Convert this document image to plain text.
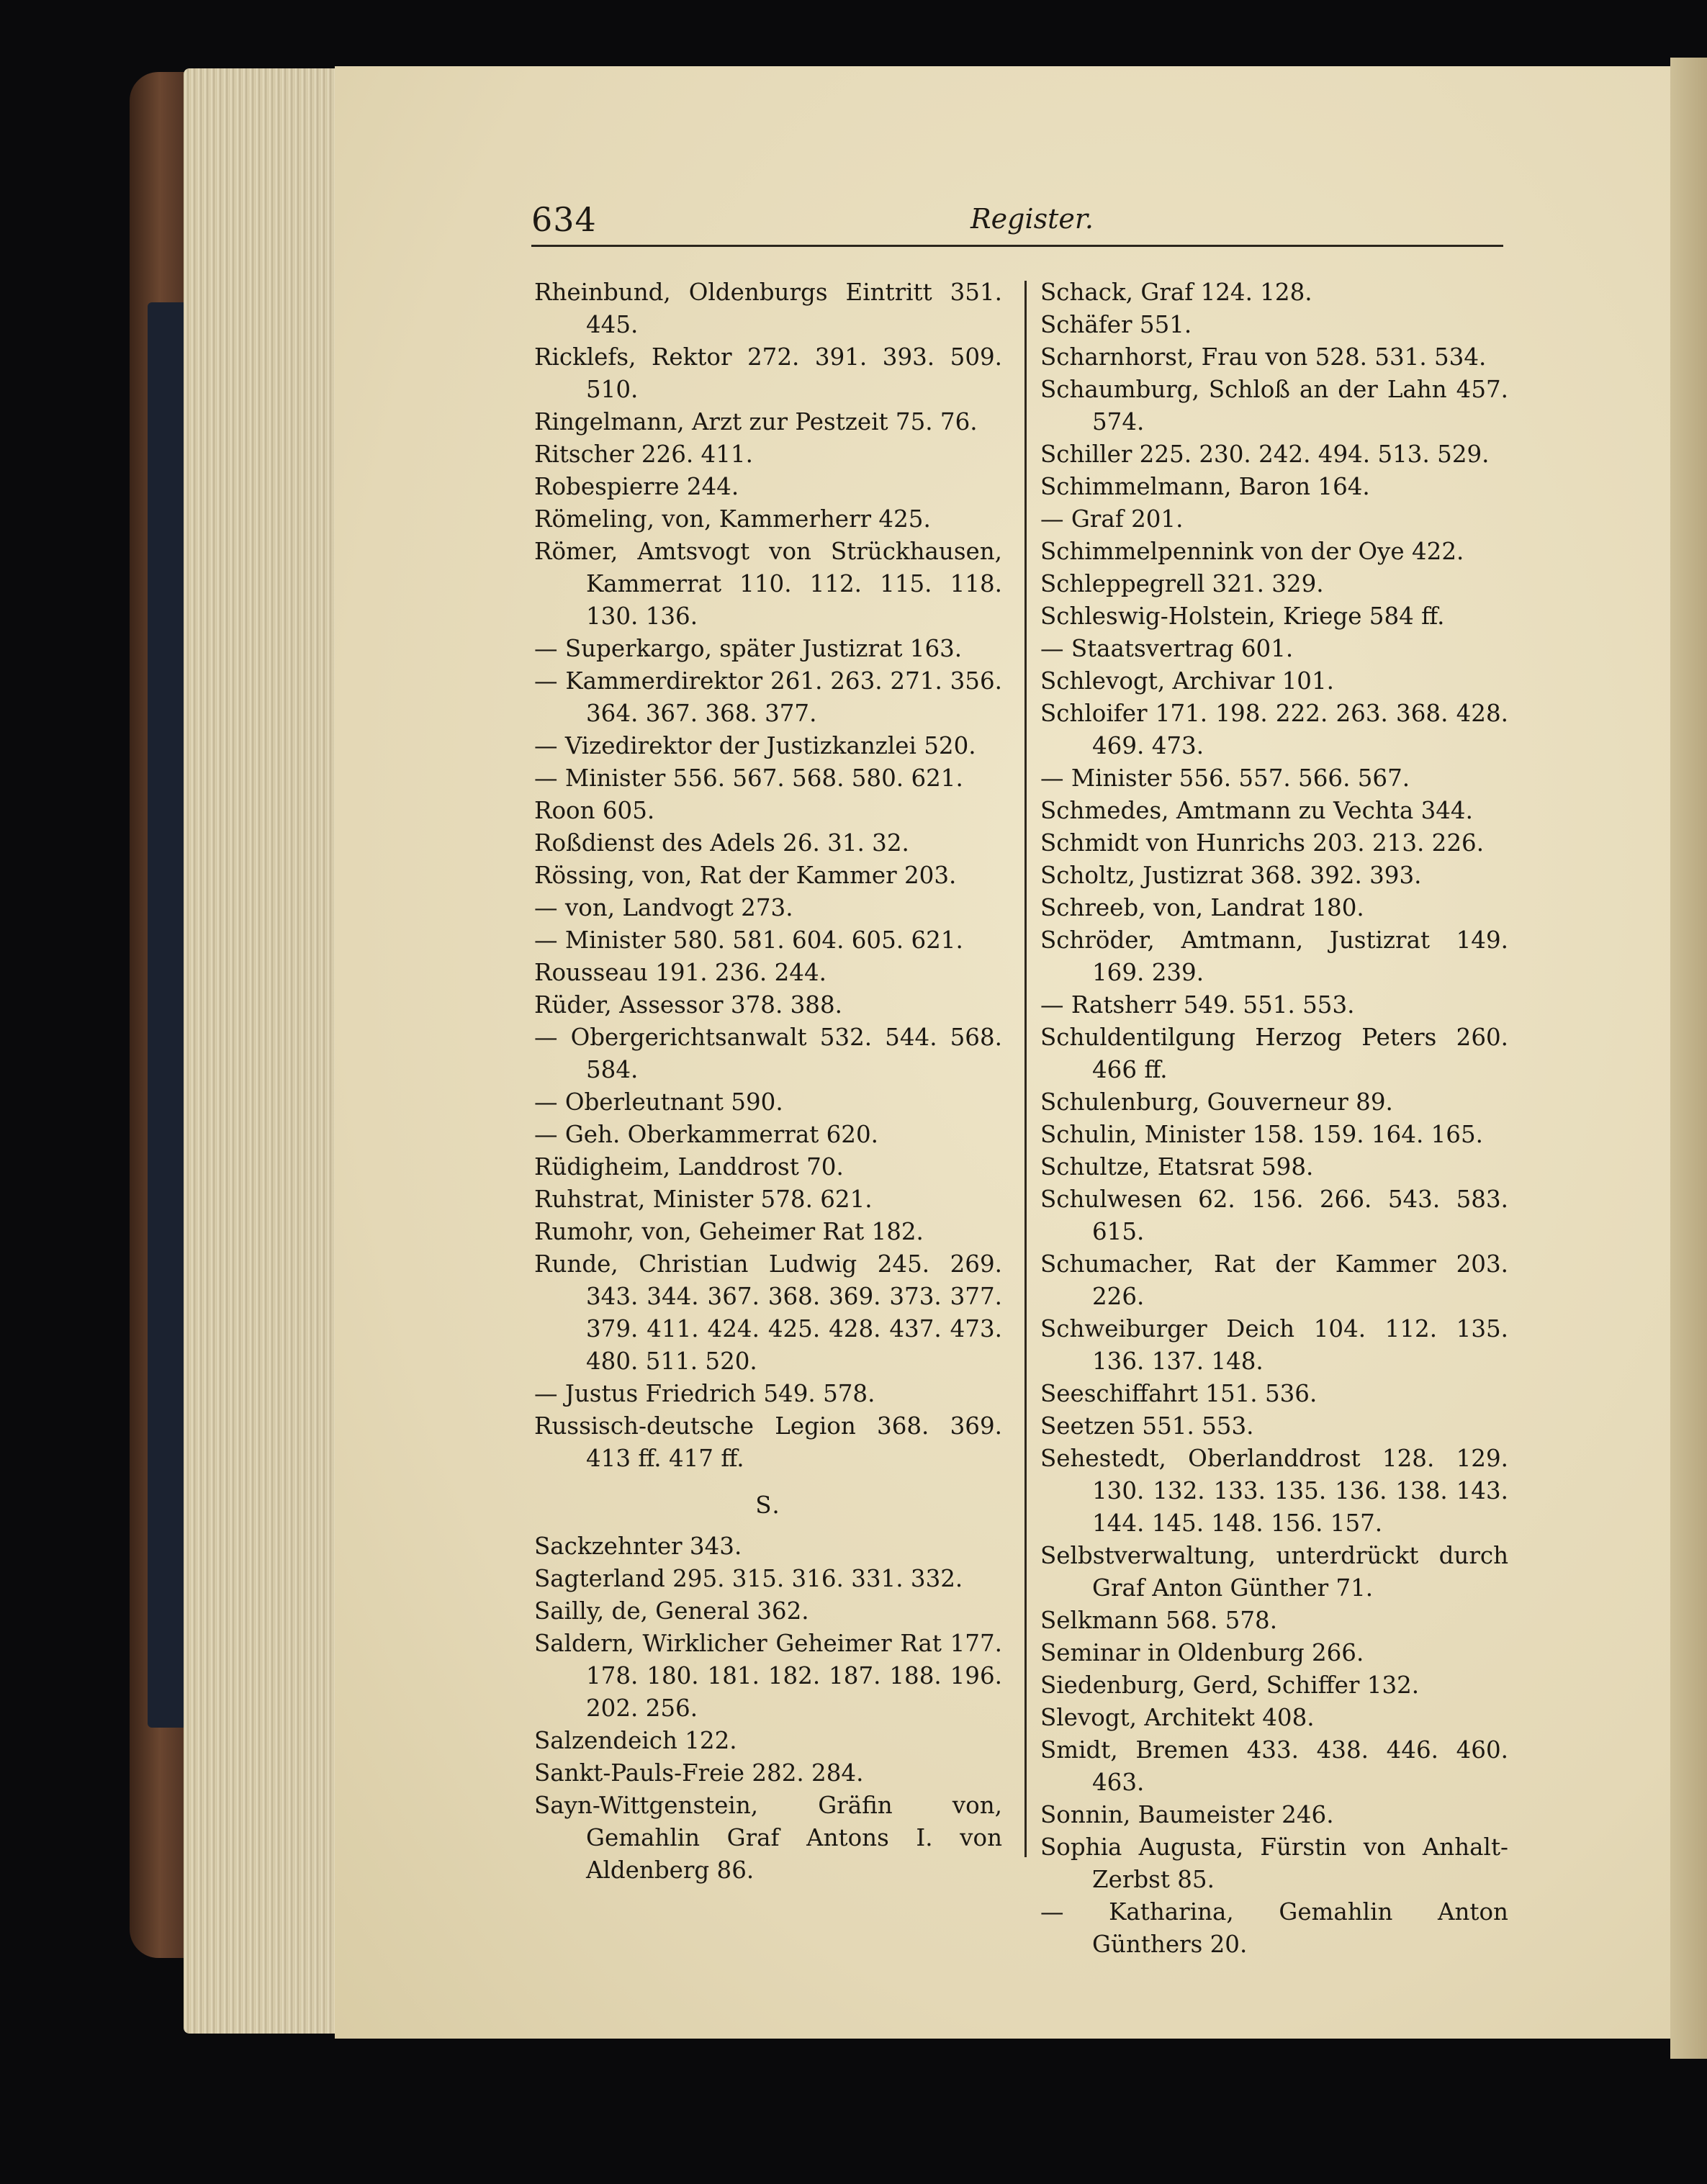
634	Register.
Rheinbund, Oldenburgs Eintritt 351. 445.
Ricklefs, Rektor 272. 391. 393. 509. 510.
Ringelmann, Arzt zur Pestzeit 75. 76.
Ritscher 226. 411.
Robespierre 244.
Römeling, von, Kammerherr 425.
Römer, Amtsvogt von Strückhausen, Kammerrat 110. 112. 115. 118. 130. 136.
— Superkargo, später Justizrat 163.
— Kammerdirektor 261. 263. 271. 356. 364. 367. 368. 377.
— Vizedirektor der Justizkanzlei 520.
— Minister 556. 567. 568. 580. 621.
Roon 605.
Roßdienst des Adels 26. 31. 32.
Rössing, von, Rat der Kammer 203.
— von, Landvogt 273.
— Minister 580. 581. 604. 605. 621.
Rousseau 191. 236. 244.
Rüder, Assessor 378. 388.
— Obergerichtsanwalt 532. 544. 568. 584.
— Oberleutnant 590.
— Geh. Oberkammerrat 620.
Rüdigheim, Landdrost 70.
Ruhstrat, Minister 578. 621.
Rumohr, von, Geheimer Rat 182.
Runde, Christian Ludwig 245. 269. 343. 344. 367. 368. 369. 373. 377. 379. 411. 424. 425. 428. 437. 473. 480. 511. 520.
— Justus Friedrich 549. 578.
Russisch-deutsche Legion 368. 369. 413 ff. 417 ff.
S.
Sackzehnter 343.
Sagterland 295. 315. 316. 331. 332.
Sailly, de, General 362.
Saldern, Wirklicher Geheimer Rat 177. 178. 180. 181. 182. 187. 188. 196. 202. 256.
Salzendeich 122.
Sankt-Pauls-Freie 282. 284.
Sayn-Wittgenstein, Gräfin von, Gemahlin Graf Antons I. von Aldenberg 86.
Schack, Graf 124. 128.
Schäfer 551.
Scharnhorst, Frau von 528. 531. 534.
Schaumburg, Schloß an der Lahn 457. 574.
Schiller 225. 230. 242. 494. 513. 529.
Schimmelmann, Baron 164.
— Graf 201.
Schimmelpennink von der Oye 422.
Schleppegrell 321. 329.
Schleswig-Holstein, Kriege 584 ff.
— Staatsvertrag 601.
Schlevogt, Archivar 101.
Schloifer 171. 198. 222. 263. 368. 428. 469. 473.
— Minister 556. 557. 566. 567.
Schmedes, Amtmann zu Vechta 344.
Schmidt von Hunrichs 203. 213. 226.
Scholtz, Justizrat 368. 392. 393.
Schreeb, von, Landrat 180.
Schröder, Amtmann, Justizrat 149. 169. 239.
— Ratsherr 549. 551. 553.
Schuldentilgung Herzog Peters 260. 466 ff.
Schulenburg, Gouverneur 89.
Schulin, Minister 158. 159. 164. 165.
Schultze, Etatsrat 598.
Schulwesen 62. 156. 266. 543. 583. 615.
Schumacher, Rat der Kammer 203. 226.
Schweiburger Deich 104. 112. 135. 136. 137. 148.
Seeschiffahrt 151. 536.
Seetzen 551. 553.
Sehestedt, Oberlanddrost 128. 129. 130. 132. 133. 135. 136. 138. 143. 144. 145. 148. 156. 157.
Selbstverwaltung, unterdrückt durch Graf Anton Günther 71.
Selkmann 568. 578.
Seminar in Oldenburg 266.
Siedenburg, Gerd, Schiffer 132.
Slevogt, Architekt 408.
Smidt, Bremen 433. 438. 446. 460. 463.
Sonnin, Baumeister 246.
Sophia Augusta, Fürstin von Anhalt-Zerbst 85.
— Katharina, Gemahlin Anton Günthers 20.
